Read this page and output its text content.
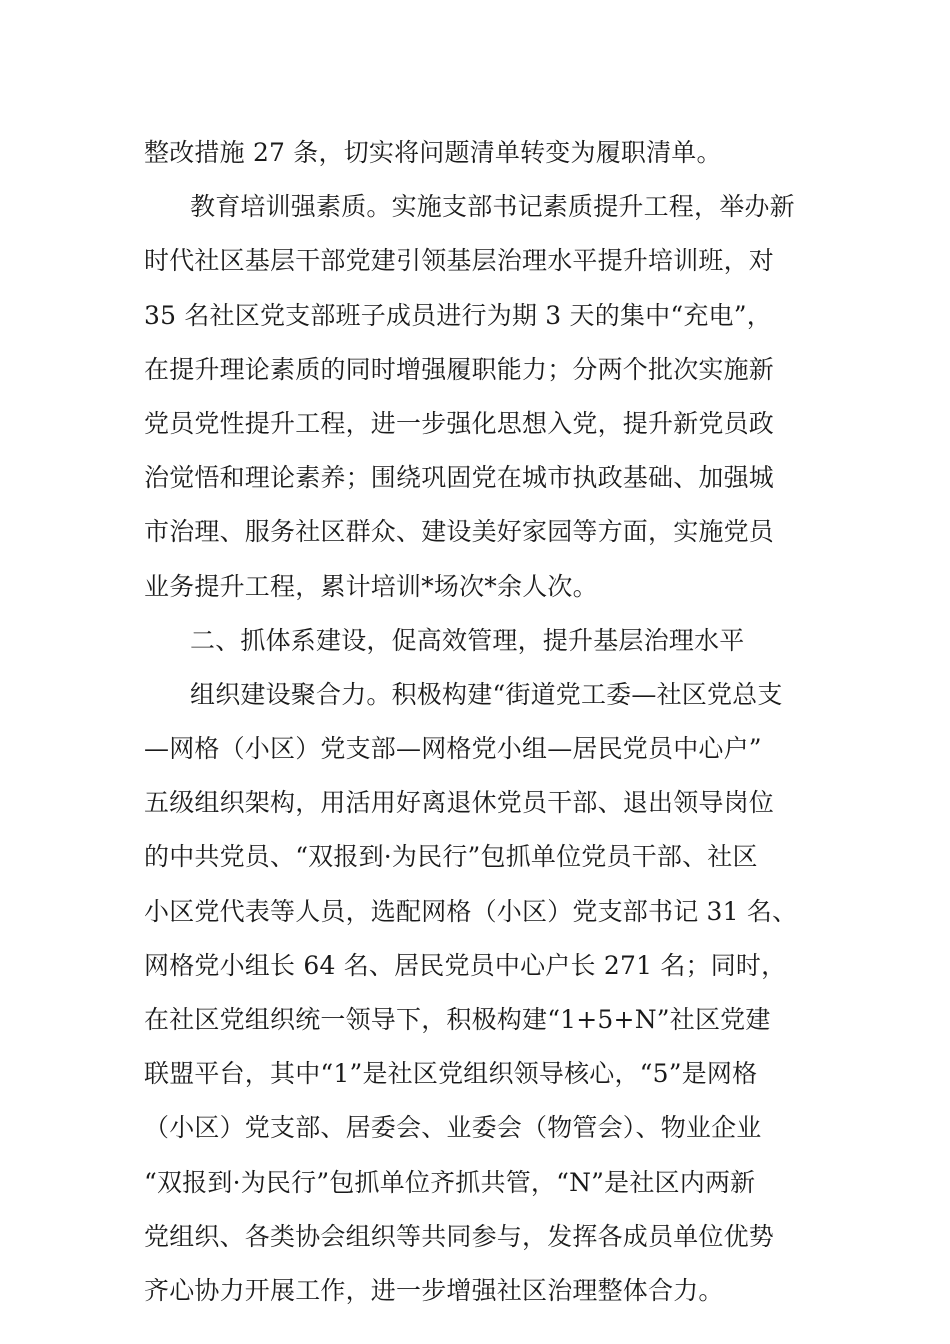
整改措施 27 条，切实将问题清单转变为履职清单。
教育培训强素质。实施支部书记素质提升工程，举办新
时代社区基层干部党建引领基层治理水平提升培训班，对
35 名社区党支部班子成员进行为期 3 天的集中“充电”，
在提升理论素质的同时增强履职能力；分两个批次实施新
党员党性提升工程，进一步强化思想入党，提升新党员政
治觉悟和理论素养；围绕巩固党在城市执政基础、加强城
市治理、服务社区群众、建设美好家园等方面，实施党员
业务提升工程，累计培训*场次*余人次。
二、抓体系建设，促高效管理，提升基层治理水平
组织建设聚合力。积极构建“街道党工委—社区党总支
—网格（小区）党支部—网格党小组—居民党员中心户”
五级组织架构，用活用好离退休党员干部、退出领导岗位
的中共党员、“双报到·为民行”包抓单位党员干部、社区
小区党代表等人员，选配网格（小区）党支部书记 31 名、
网格党小组长 64 名、居民党员中心户长 271 名；同时，
在社区党组织统一领导下，积极构建“1+5+N”社区党建
联盟平台，其中“1”是社区党组织领导核心，“5”是网格
（小区）党支部、居委会、业委会（物管会）、物业企业
“双报到·为民行”包抓单位齐抓共管，“N”是社区内两新
党组织、各类协会组织等共同参与，发挥各成员单位优势
齐心协力开展工作，进一步增强社区治理整体合力。
